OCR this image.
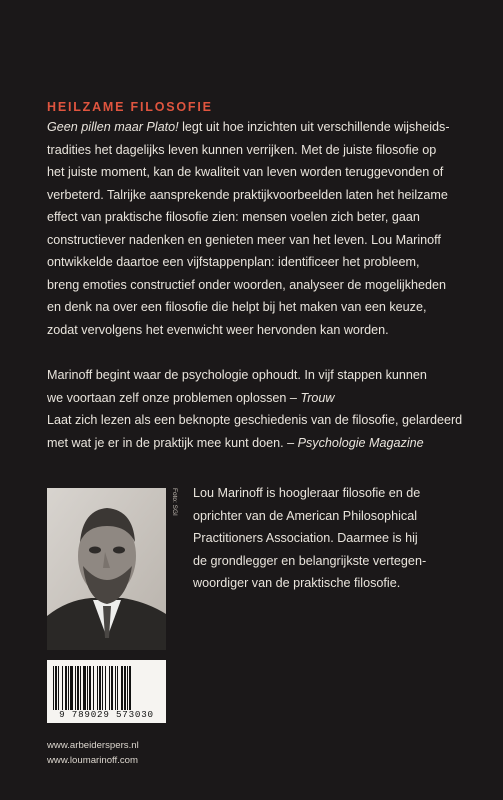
HEILZAME FILOSOFIE
Geen pillen maar Plato! legt uit hoe inzichten uit verschillende wijsheids-
tradities het dagelijks leven kunnen verrijken. Met de juiste filosofie op
het juiste moment, kan de kwaliteit van leven worden teruggevonden of
verbeterd. Talrijke aansprekende praktijkvoorbeelden laten het heilzame
effect van praktische filosofie zien: mensen voelen zich beter, gaan
constructiever nadenken en genieten meer van het leven. Lou Marinoff
ontwikkelde daartoe een vijfstappenplan: identificeer het probleem,
breng emoties constructief onder woorden, analyseer de mogelijkheden
en denk na over een filosofie die helpt bij het maken van een keuze,
zodat vervolgens het evenwicht weer hervonden kan worden.
Marinoff begint waar de psychologie ophoudt. In vijf stappen kunnen
we voortaan zelf onze problemen oplossen – Trouw
Laat zich lezen als een beknopte geschiedenis van de filosofie, gelardeerd
met wat je er in de praktijk mee kunt doen. – Psychologie Magazine
Foto: SGI Lou Marinoff is hoogleraar filosofie en de
oprichter van de American Philosophical
Practitioners Association. Daarmee is hij
de grondlegger en belangrijkste vertegen-
woordiger van de praktische filosofie.
9 789029 573030
www.arbeiderspers.nl
www.loumarinoff.com
